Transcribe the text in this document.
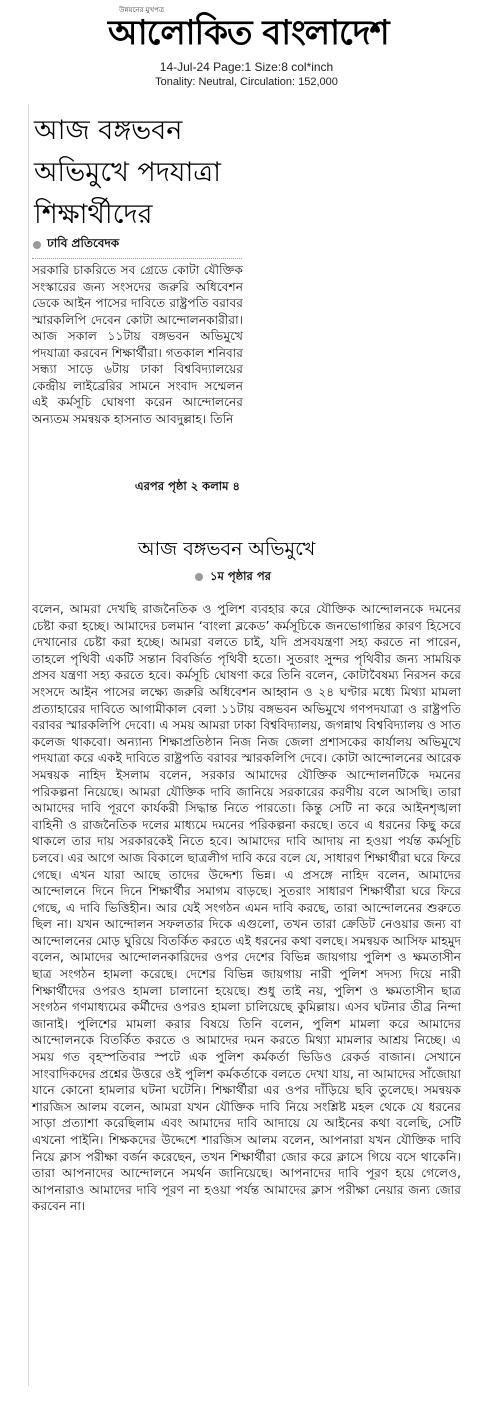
উন্নয়নের মুখপত্র
আলোকিত বাংলাদেশ
14-Jul-24 Page:1 Size:8 col*inch
Tonality: Neutral, Circulation: 152,000
আজ বঙ্গভবন
অভিমুখে পদযাত্রা
শিক্ষার্থীদের
ঢাবি প্রতিবেদক
সরকারি চাকরিতে সব গ্রেডে কোটা যৌক্তিক সংস্কারের জন্য সংসদের জরুরি অধিবেশন ডেকে আইন পাসের দাবিতে রাষ্ট্রপতি বরাবর স্মারকলিপি দেবেন কোটা আন্দোলনকারীরা। আজ সকাল ১১টায় বঙ্গভবন অভিমুখে পদযাত্রা করবেন শিক্ষার্থীরা। গতকাল শনিবার সন্ধ্যা সাড়ে ৬টায় ঢাকা বিশ্ববিদ্যালয়ের কেন্দ্রীয় লাইব্রেরির সামনে সংবাদ সম্মেলন এই কর্মসূচি ঘোষণা করেন আন্দোলনের অন্যতম সমন্বয়ক হাসনাত আবদুল্লাহ। তিনি
এরপর পৃষ্ঠা ২ কলাম ৪
আজ বঙ্গভবন অভিমুখে
১ম পৃষ্ঠার পর
বলেন, আমরা দেখছি রাজনৈতিক ও পুলিশ ব্যবহার করে যৌক্তিক আন্দোলনকে দমনের চেষ্টা করা হচ্ছে। আমাদের চলমান ‘বাংলা ব্লকেড’ কর্মসূচিকে জনভোগান্তির কারণ হিসেবে দেখানোর চেষ্টা করা হচ্ছে। আমরা বলতে চাই, যদি প্রসবযন্ত্রণা সহ্য করতে না পারেন, তাহলে পৃথিবী একটি সন্তান বিবর্জিত পৃথিবী হতো। সুতরাং সুন্দর পৃথিবীর জন্য সাময়িক প্রসব যন্ত্রণা সহ্য করতে হবে। কর্মসূচি ঘোষণা করে তিনি বলেন, কোটাবৈষম্য নিরসন করে সংসদে আইন পাসের লক্ষ্যে জরুরি অধিবেশন আহ্বান ও ২৪ ঘণ্টার মধ্যে মিথ্যা মামলা প্রত্যাহারের দাবিতে আগামীকাল বেলা ১১টায় বঙ্গভবন অভিমুখে গণপদযাত্রা ও রাষ্ট্রপতি বরাবর স্মারকলিপি দেবো। এ সময় আমরা ঢাকা বিশ্ববিদ্যালয়, জগন্নাথ বিশ্ববিদ্যালয় ও সাত কলেজ থাকবো। অন্যান্য শিক্ষাপ্রতিষ্ঠান নিজ নিজ জেলা প্রশাসকের কার্যালয় অভিমুখে পদযাত্রা করে একই দাবিতে রাষ্ট্রপতি বরাবর স্মারকলিপি দেবে। কোটা আন্দোলনের আরেক সমন্বয়ক নাহিদ ইসলাম বলেন, সরকার আমাদের যৌক্তিক আন্দোলনটিকে দমনের পরিকল্পনা নিয়েছে। আমরা যৌক্তিক দাবি জানিয়ে সরকারের করণীয় বলে আসছি। তারা আমাদের দাবি পূরণে কার্যকরী সিদ্ধান্ত নিতে পারতো। কিন্তু সেটি না করে আইনশৃঙ্খলা বাহিনী ও রাজনৈতিক দলের মাধ্যমে দমনের পরিকল্পনা করছে। তবে এ ধরনের কিছু করে থাকলে তার দায় সরকারকেই নিতে হবে। আমাদের দাবি আদায় না হওয়া পর্যন্ত কর্মসূচি চলবে। এর আগে আজ বিকালে ছাত্রলীগ দাবি করে বলে যে, সাধারণ শিক্ষার্থীরা ঘরে ফিরে গেছে। এখন যারা আছে তাদের উদ্দেশ্য ভিন্ন। এ প্রসঙ্গে নাহিদ বলেন, আমাদের আন্দোলনে দিনে দিনে শিক্ষার্থীর সমাগম বাড়ছে। সুতরাং সাধারণ শিক্ষার্থীরা ঘরে ফিরে গেছে, এ দাবি ভিত্তিহীন। আর যেই সংগঠন এমন দাবি করছে, তারা আন্দোলনের শুরুতে ছিল না। যখন আন্দোলন সফলতার দিকে এগুলো, তখন তারা ক্রেডিট নেওয়ার জন্য বা আন্দোলনের মোড় ঘুরিয়ে বিতর্কিত করতে এই ধরনের কথা বলছে। সমন্বয়ক আসিফ মাহমুদ বলেন, আমাদের আন্দোলনকারিদের ওপর দেশের বিভিন্ন জায়গায় পুলিশ ও ক্ষমতাসীন ছাত্র সংগঠন হামলা করেছে। দেশের বিভিন্ন জায়গায় নারী পুলিশ সদস্য দিয়ে নারী শিক্ষার্থীদের ওপরও হামলা চালানো হয়েছে। শুধু তাই নয়, পুলিশ ও ক্ষমতাসীন ছাত্র সংগঠন গণমাধ্যমের কর্মীদের ওপরও হামলা চালিয়েছে কুমিল্লায়। এসব ঘটনার তীব্র নিন্দা জানাই। পুলিশের মামলা করার বিষয়ে তিনি বলেন, পুলিশ মামলা করে আমাদের আন্দোলনকে বিতর্কিত করতে ও আমাদের দমন করতে মিথ্যা মামলার আশ্রয় নিচ্ছে। এ সময় গত বৃহস্পতিবার স্পটে এক পুলিশ কর্মকর্তা ভিডিও রেকর্ড বাজান। সেখানে সাংবাদিকদের প্রশ্নের উত্তরে ওই পুলিশ কর্মকর্তাকে বলতে দেখা যায়, না আমাদের সাঁজোয়া যানে কোনো হামলার ঘটনা ঘটেনি। শিক্ষার্থীরা এর ওপর দাঁড়িয়ে ছবি তুলেছে। সমন্বয়ক শারজিস আলম বলেন, আমরা যখন যৌক্তিক দাবি নিয়ে সংশ্লিষ্ট মহল থেকে যে ধরনের সাড়া প্রত্যাশা করেছিলাম এবং আমাদের দাবি আদায়ে যে আইনের কথা বলেছি, সেটি এখনো পাইনি। শিক্ষকদের উদ্দেশে শারজিস আলম বলেন, আপনারা যখন যৌক্তিক দাবি নিয়ে ক্লাস পরীক্ষা বর্জন করেছেন, তখন শিক্ষার্থীরা জোর করে ক্লাসে গিয়ে বসে থাকেনি। তারা আপনাদের আন্দোলনে সমর্থন জানিয়েছে। আপনাদের দাবি পূরণ হয়ে গেলেও, আপনারাও আমাদের দাবি পূরণ না হওয়া পর্যন্ত আমাদের ক্লাস পরীক্ষা নেয়ার জন্য জোর করবেন না।
